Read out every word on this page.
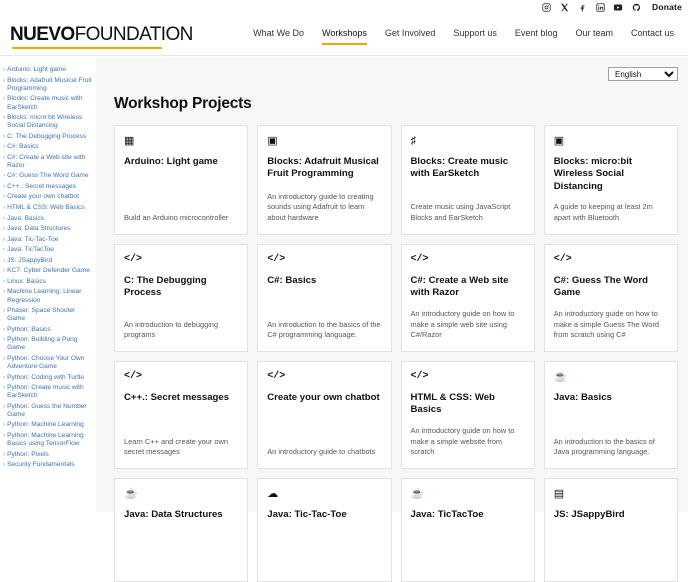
Donate
NUEVOFOUNDATION	What We Do Workshops Get Involved Support us Event blog Our team Contact us
› Arduino: Light game
› Blocks: Adafruit Musical Fruit Programming
› Blocks: Create music with EarSketch
› Blocks: micro:bit Wireless Social Distancing
› C: The Debugging Process
› C#: Basics
› C#: Create a Web site with Razor
› C#: Guess The Word Game
› C++.: Secret messages
› Create your own chatbot
› HTML & CSS: Web Basics
› Java: Basics
› Java: Data Structures
› Java: Tic-Tac-Toe
› Java: TicTacToe
› JS: JSappyBird
› KC7: Cyber Defender Game
› Linux: Basics
› Machine Learning: Linear Regression
› Phaser: Space Shooter Game
› Python: Basics
› Python: Building a Pong Game
› Python: Choose Your Own Adventure Game
› Python: Coding with Turtle
› Python: Create music with EarSketch
› Python: Guess the Number Game
› Python: Machine Learning
› Python: Machine Learning Basics using TensorFlow
› Python: Pixels
› Security Fundamentals
English
Workshop Projects
▦
Arduino: Light game
Build an Arduino microcontroller
▣
Blocks: Adafruit Musical Fruit Programming
An introductory guide to creating sounds using Adafruit to learn about hardware
♯
Blocks: Create music with EarSketch
Create music using JavaScript Blocks and EarSketch
▣
Blocks: micro:bit Wireless Social Distancing
A guide to keeping at least 2m apart with Bluetooth
</>
C: The Debugging Process
An introduction to debugging programs
</>
C#: Basics
An introduction to the basics of the C# programming language.
</>
C#: Create a Web site with Razor
An introductory guide on how to make a simple web site using C#/Razor
</>
C#: Guess The Word Game
An introductory guide on how to make a simple Guess The Word from scratch using C#
</>
C++.: Secret messages
Learn C++ and create your own secret messages
</>
Create your own chatbot
An introductory guide to chatbots
</>
HTML & CSS: Web Basics
An introductory guide on how to make a simple website from scratch
☕
Java: Basics
An introduction to the basics of Java programming language.
☕
Java: Data Structures
☁
Java: Tic-Tac-Toe
☕
Java: TicTacToe
▤
JS: JSappyBird
